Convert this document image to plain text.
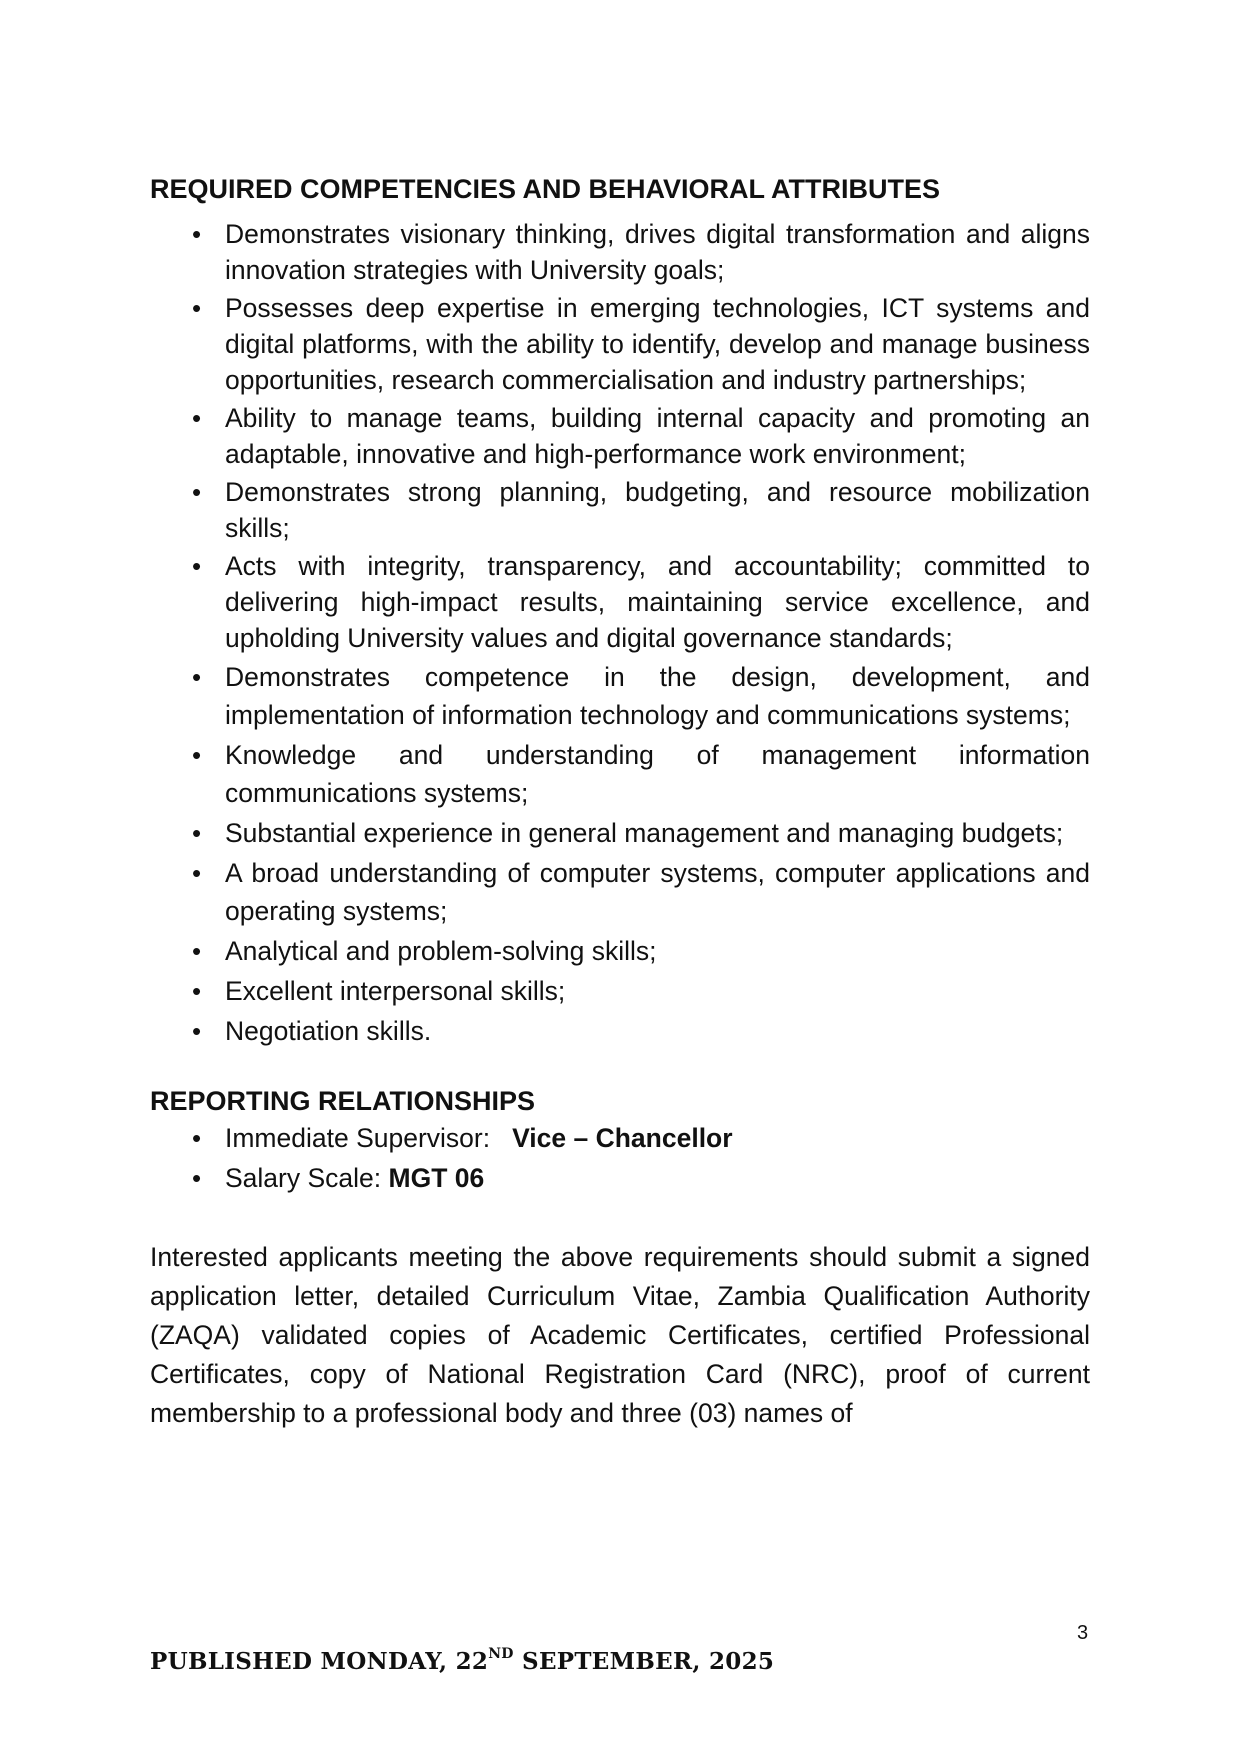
REQUIRED COMPETENCIES AND BEHAVIORAL ATTRIBUTES
• Demonstrates visionary thinking, drives digital transformation and aligns innovation strategies with University goals;
• Possesses deep expertise in emerging technologies, ICT systems and digital platforms, with the ability to identify, develop and manage business opportunities, research commercialisation and industry partnerships;
• Ability to manage teams, building internal capacity and promoting an adaptable, innovative and high-performance work environment;
• Demonstrates strong planning, budgeting, and resource mobilization skills;
• Acts with integrity, transparency, and accountability; committed to delivering high-impact results, maintaining service excellence, and upholding University values and digital governance standards;
• Demonstrates competence in the design, development, and implementation of information technology and communications systems;
• Knowledge and understanding of management information communications systems;
• Substantial experience in general management and managing budgets;
• A broad understanding of computer systems, computer applications and operating systems;
• Analytical and problem-solving skills;
• Excellent interpersonal skills;
• Negotiation skills.
REPORTING RELATIONSHIPS
• Immediate Supervisor: Vice – Chancellor
• Salary Scale: MGT 06

Interested applicants meeting the above requirements should submit a signed application letter, detailed Curriculum Vitae, Zambia Qualification Authority (ZAQA) validated copies of Academic Certificates, certified Professional Certificates, copy of National Registration Card (NRC), proof of current membership to a professional body and three (03) names of

3
PUBLISHED MONDAY, 22ND SEPTEMBER, 2025
